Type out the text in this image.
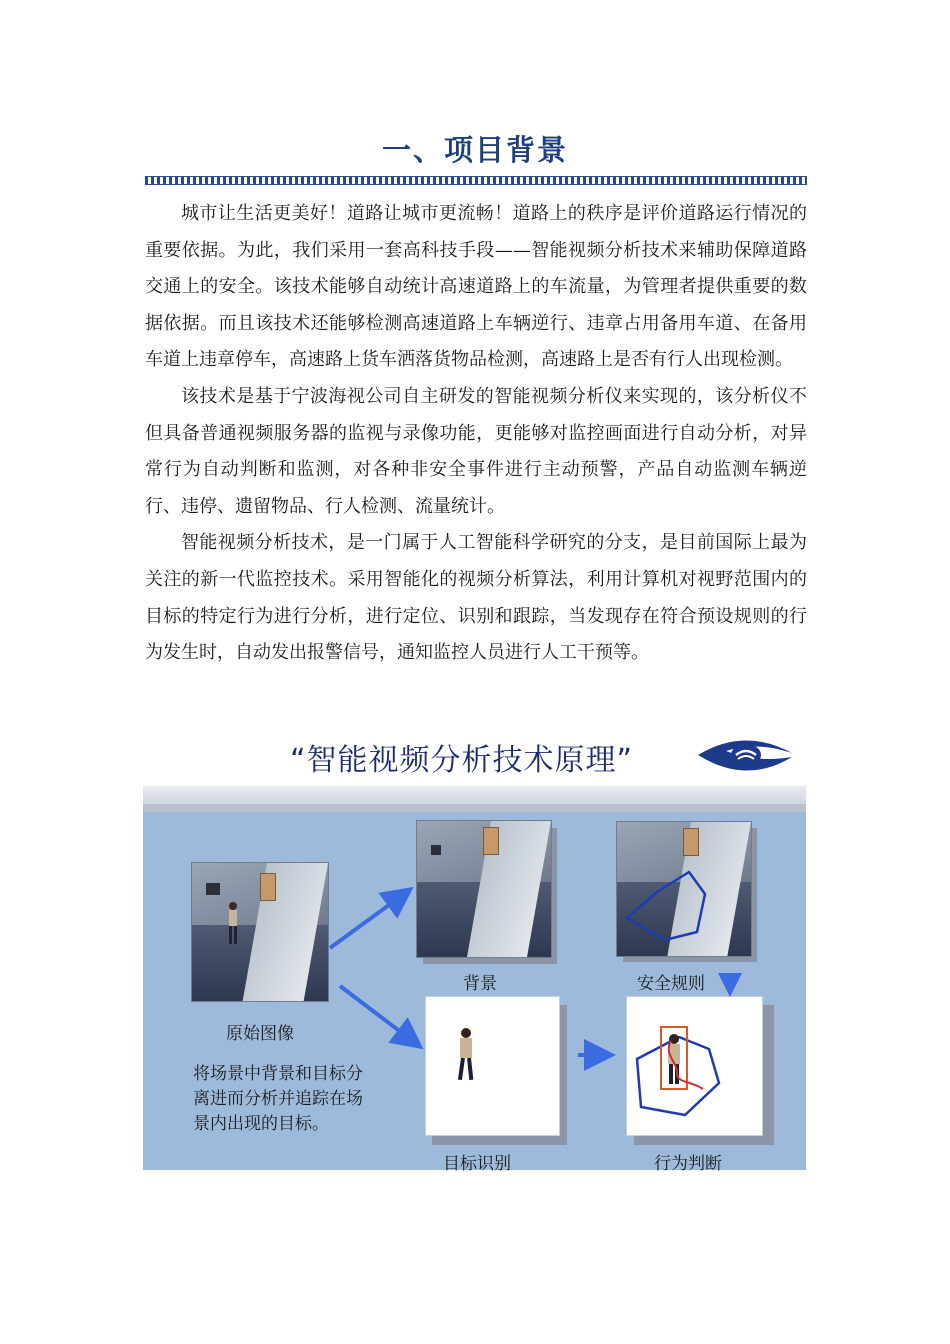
一、项目背景

城市让生活更美好！道路让城市更流畅！道路上的秩序是评价道路运行情况的重要依据。为此，我们采用一套高科技手段——智能视频分析技术来辅助保障道路交通上的安全。该技术能够自动统计高速道路上的车流量，为管理者提供重要的数据依据。而且该技术还能够检测高速道路上车辆逆行、违章占用备用车道、在备用车道上违章停车，高速路上货车洒落货物品检测，高速路上是否有行人出现检测。

该技术是基于宁波海视公司自主研发的智能视频分析仪来实现的，该分析仪不但具备普通视频服务器的监视与录像功能，更能够对监控画面进行自动分析，对异常行为自动判断和监测，对各种非安全事件进行主动预警，产品自动监测车辆逆行、违停、遗留物品、行人检测、流量统计。

智能视频分析技术，是一门属于人工智能科学研究的分支，是目前国际上最为关注的新一代监控技术。采用智能化的视频分析算法，利用计算机对视野范围内的目标的特定行为进行分析，进行定位、识别和跟踪，当发现存在符合预设规则的行为发生时，自动发出报警信号，通知监控人员进行人工干预等。

“智能视频分析技术原理”
原始图像
将场景中背景和目标分离进而分析并追踪在场景内出现的目标。
背景	安全规则
目标识别	行为判断
